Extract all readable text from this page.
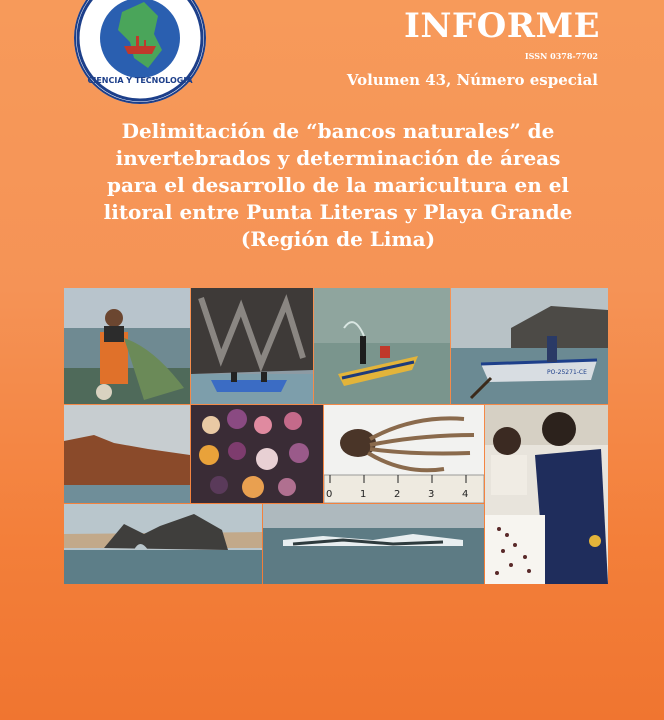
CIENCIA Y TECNOLOGIA
INFORME
ISSN 0378-7702
Volumen 43, Número especial
Delimitación de “bancos naturales” de
invertebrados y determinación de áreas
para el desarrollo de la maricultura en el
litoral entre Punta Literas y Playa Grande
(Región de Lima)
PO-25271-CE
0	1	2	3	4
